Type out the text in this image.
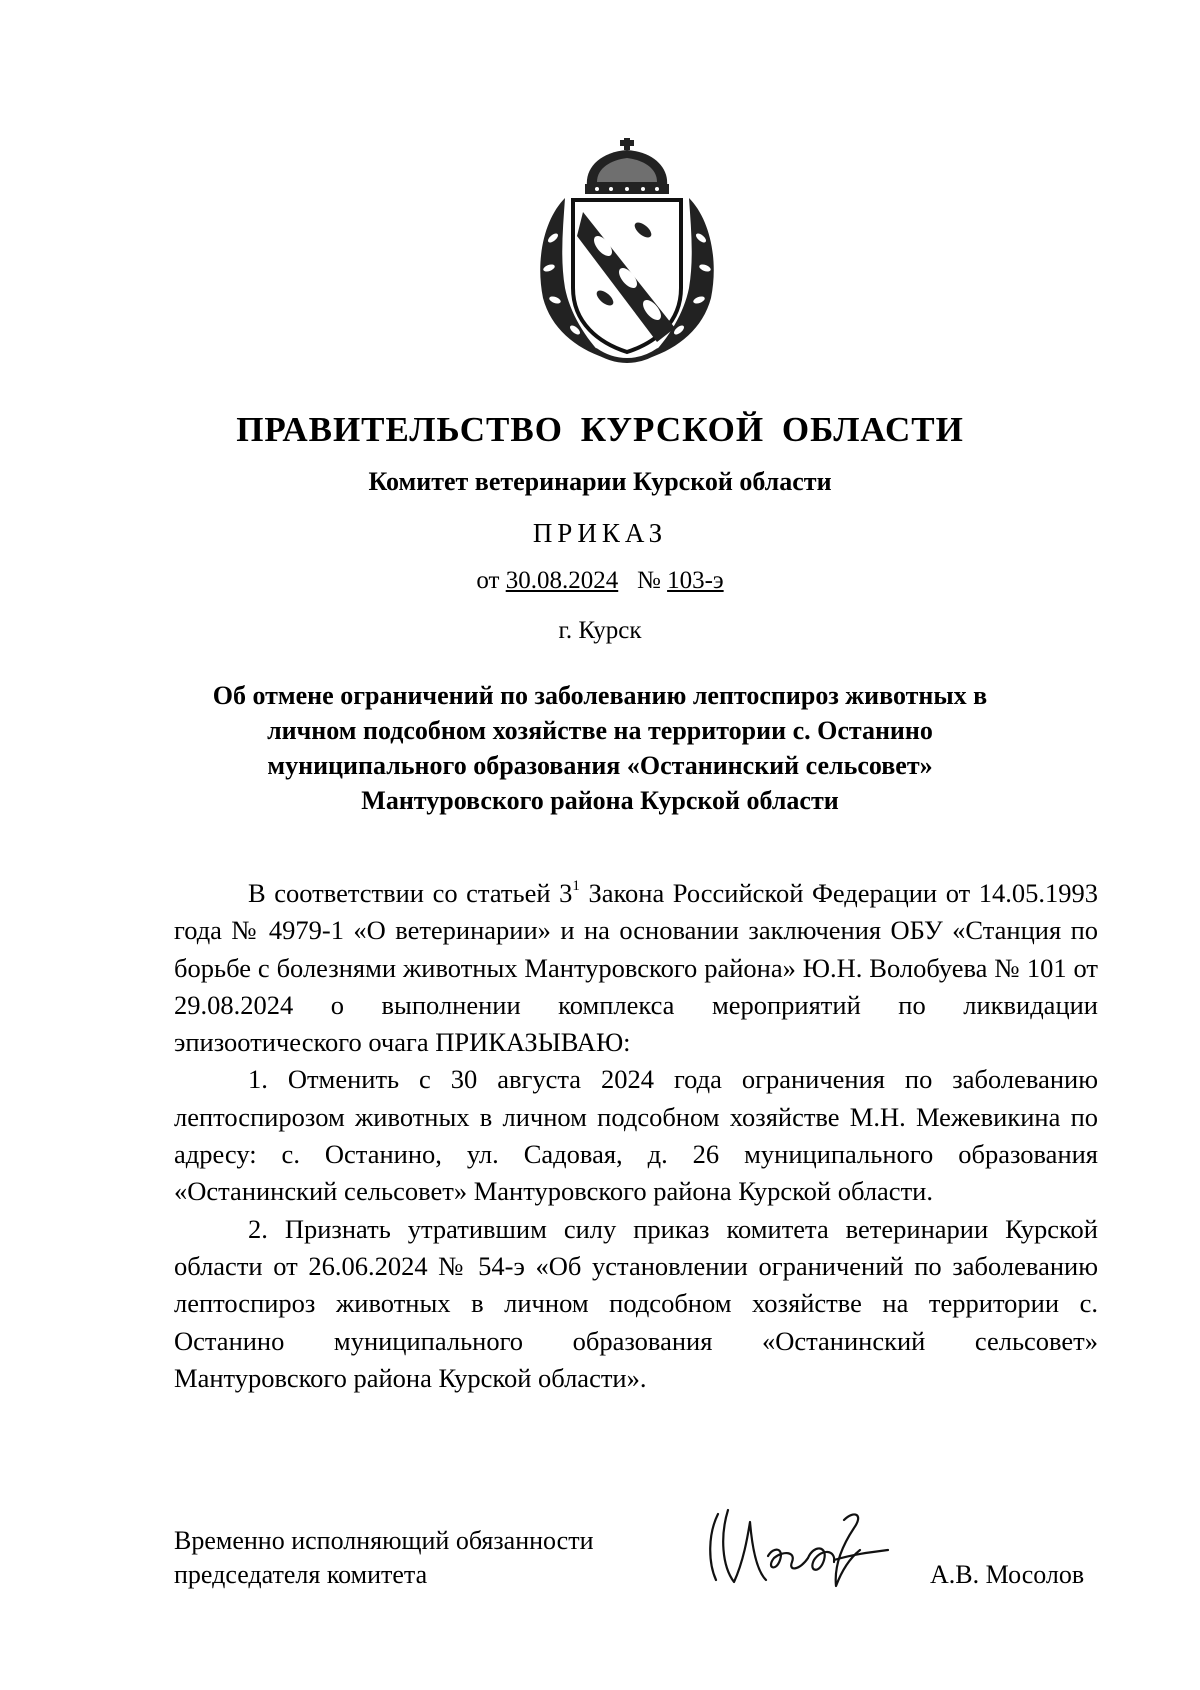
ПРАВИТЕЛЬСТВО КУРСКОЙ ОБЛАСТИ
Комитет ветеринарии Курской области
ПРИКАЗ
от 30.08.2024 № 103-э
г. Курск
Об отмене ограничений по заболеванию лептоспироз животных в
личном подсобном хозяйстве на территории с. Останино
муниципального образования «Останинский сельсовет»
Мантуровского района Курской области

В соответствии со статьей $3^1$ Закона Российской Федерации от 14.05.1993 года № 4979-1 «О ветеринарии» и на основании заключения ОБУ «Станция по борьбе с болезнями животных Мантуровского района» Ю.Н. Волобуева № 101 от 29.08.2024 о выполнении комплекса мероприятий по ликвидации эпизоотического очага ПРИКАЗЫВАЮ:

1. Отменить с 30 августа 2024 года ограничения по заболеванию лептоспирозом животных в личном подсобном хозяйстве М.Н. Межевикина по адресу: с. Останино, ул. Садовая, д. 26 муниципального образования «Останинский сельсовет» Мантуровского района Курской области.

2. Признать утратившим силу приказ комитета ветеринарии Курской области от 26.06.2024 № 54-э «Об установлении ограничений по заболеванию лептоспироз животных в личном подсобном хозяйстве на территории с. Останино муниципального образования «Останинский сельсовет» Мантуровского района Курской области».

Временно исполняющий обязанности
председателя комитета	А.В. Мосолов
